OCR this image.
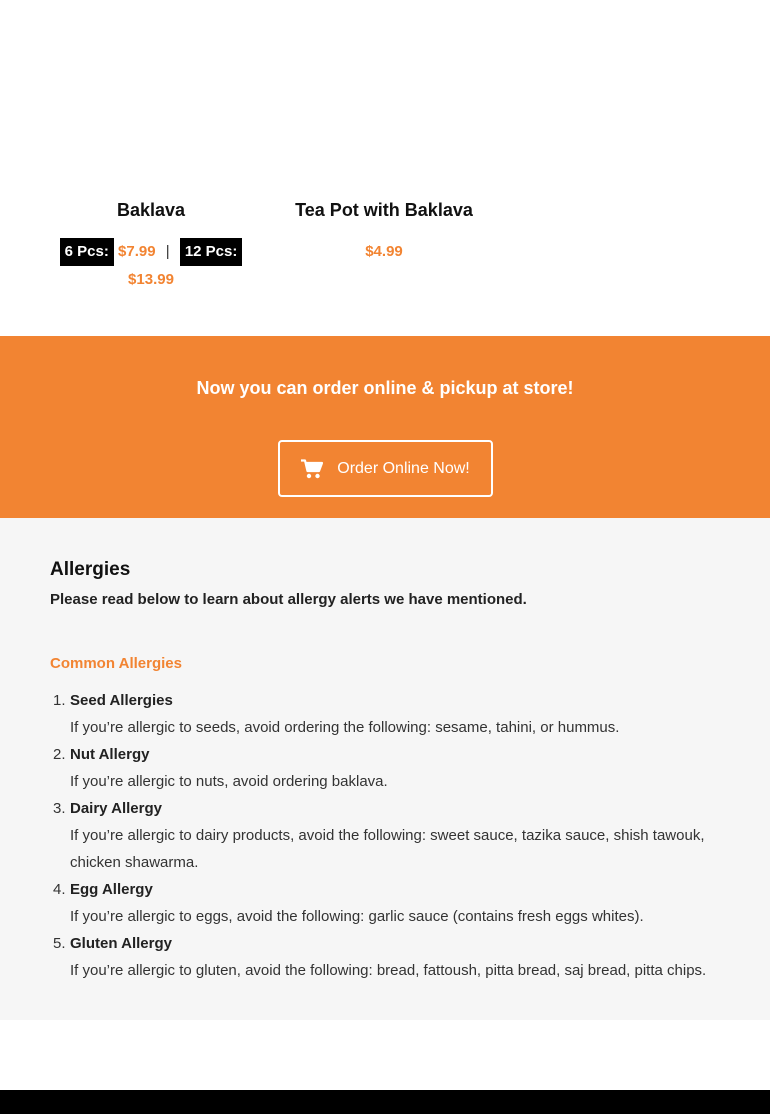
Baklava
6 Pcs: $7.99 | 12 Pcs:
$13.99
Tea Pot with Baklava
$4.99
Now you can order online & pickup at store!
Order Online Now!
Allergies

Please read below to learn about allergy alerts we have mentioned.

Common Allergies
1. Seed Allergies
If you’re allergic to seeds, avoid ordering the following: sesame, tahini, or hummus.
2. Nut Allergy
If you’re allergic to nuts, avoid ordering baklava.
3. Dairy Allergy
If you’re allergic to dairy products, avoid the following: sweet sauce, tazika sauce, shish tawouk, chicken shawarma.
4. Egg Allergy
If you’re allergic to eggs, avoid the following: garlic sauce (contains fresh eggs whites).
5. Gluten Allergy
If you’re allergic to gluten, avoid the following: bread, fattoush, pitta bread, saj bread, pitta chips.
